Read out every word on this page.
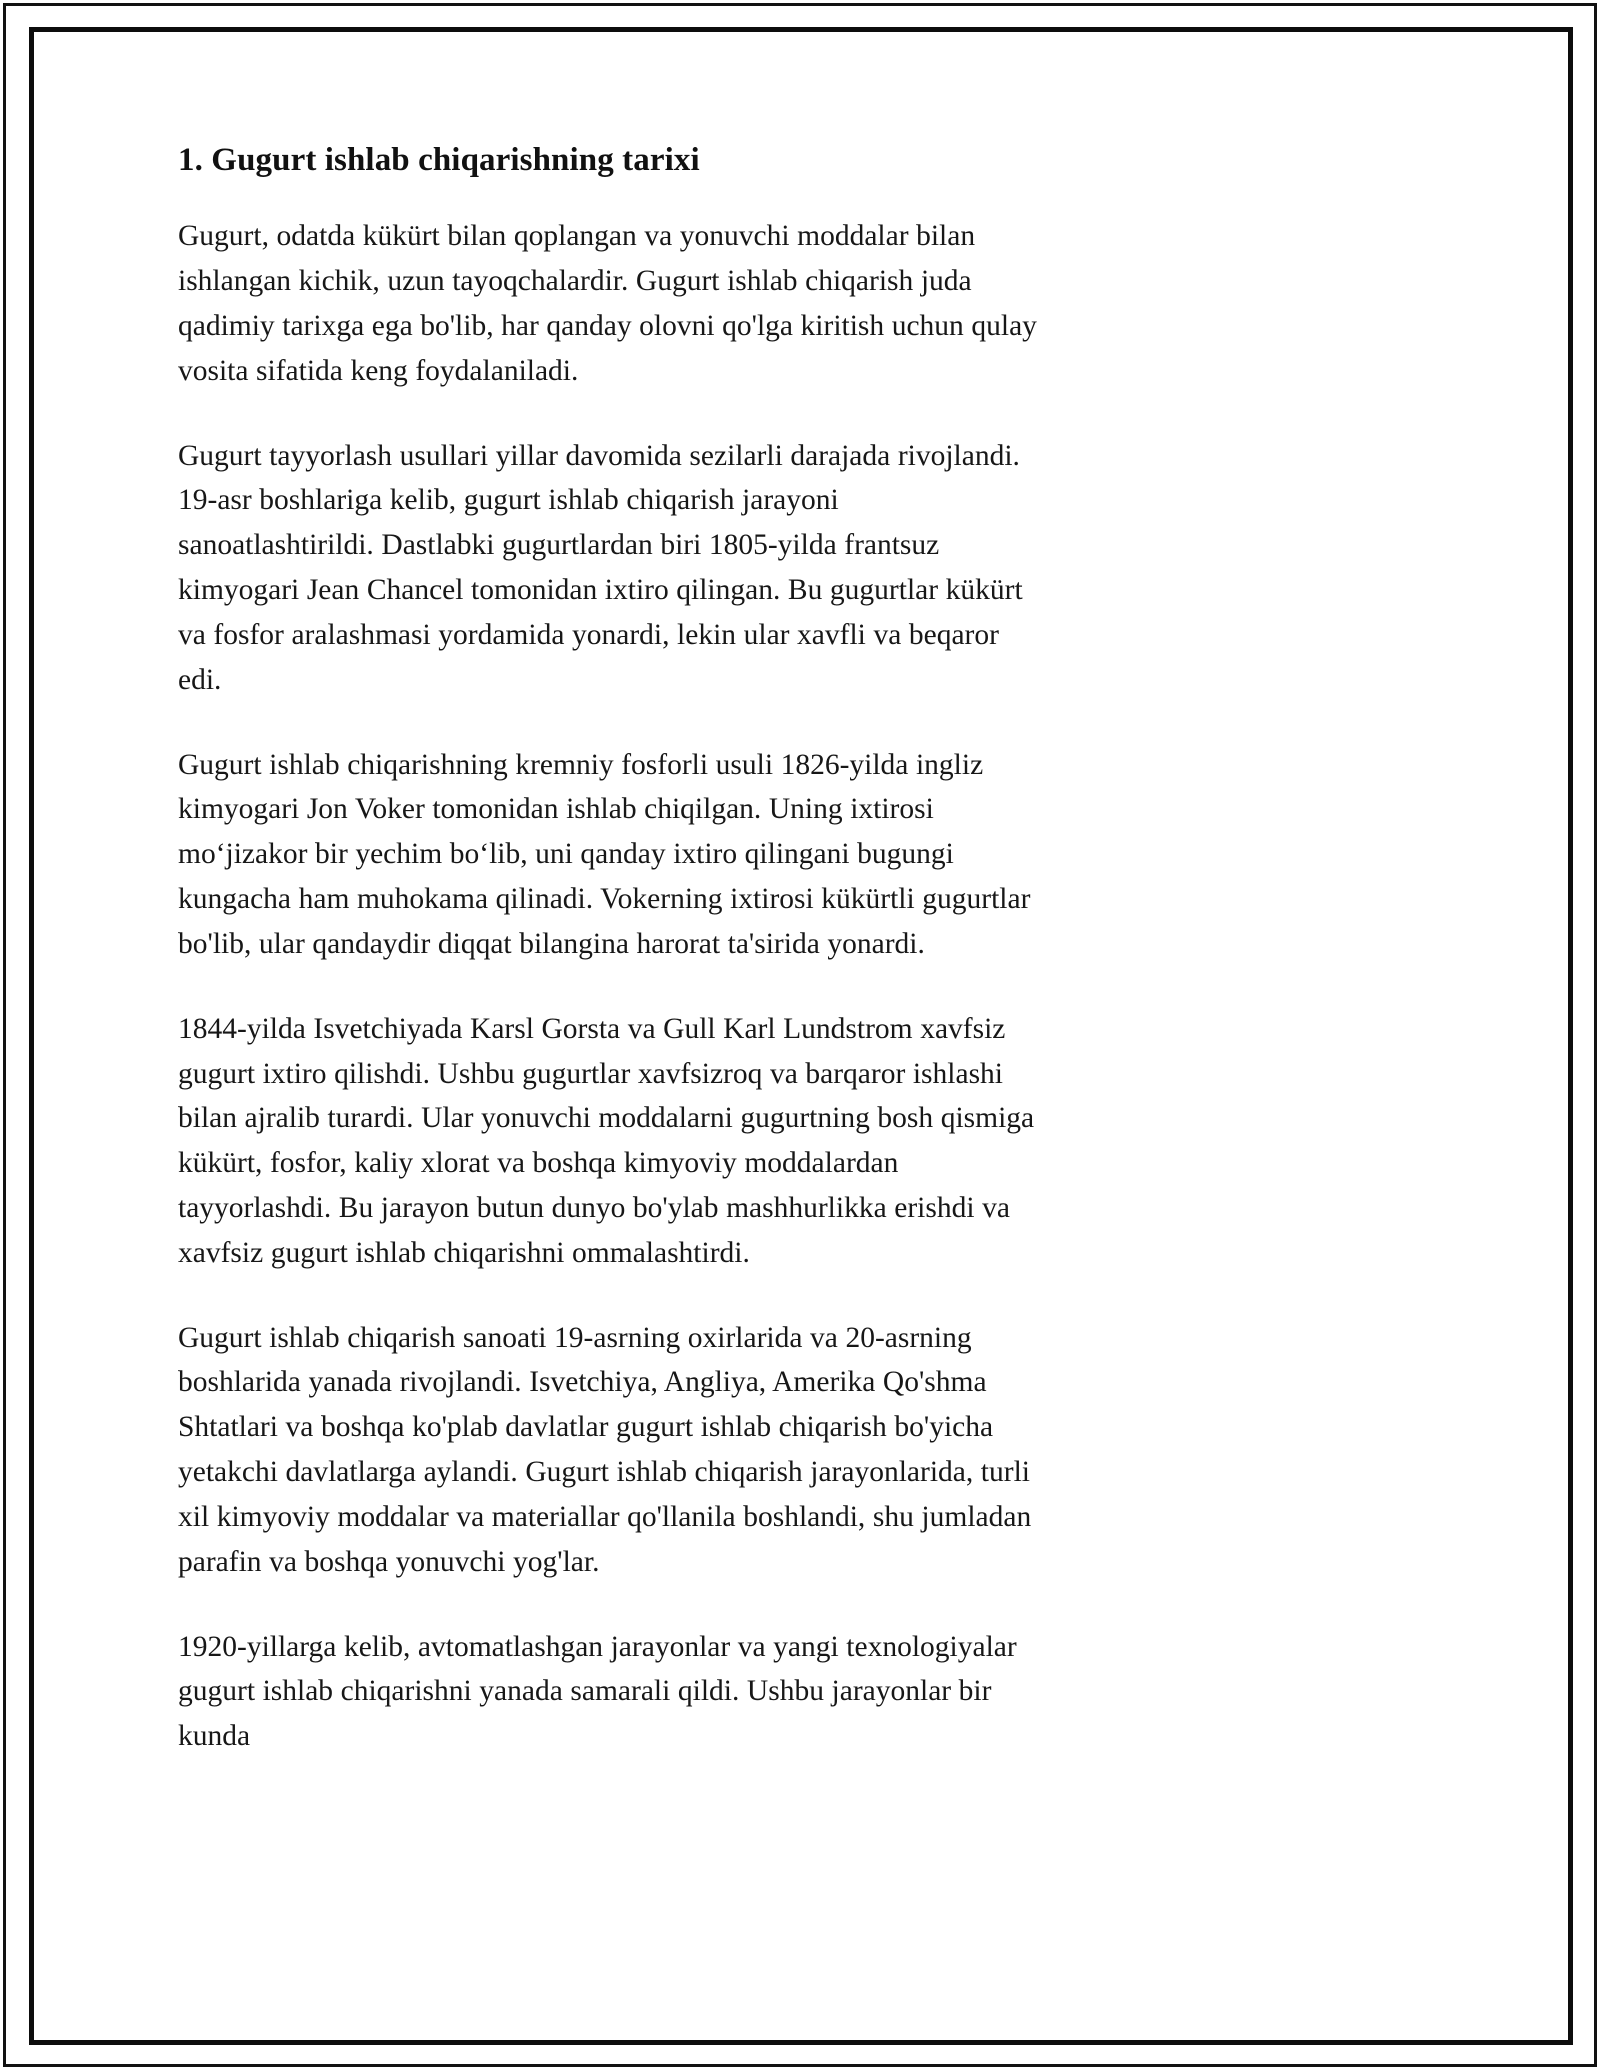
1. Gugurt ishlab chiqarishning tarixi

Gugurt, odatda kükürt bilan qoplangan va yonuvchi moddalar bilan ishlangan kichik, uzun tayoqchalardir. Gugurt ishlab chiqarish juda qadimiy tarixga ega bo'lib, har qanday olovni qo'lga kiritish uchun qulay vosita sifatida keng foydalaniladi.

Gugurt tayyorlash usullari yillar davomida sezilarli darajada rivojlandi. 19-asr boshlariga kelib, gugurt ishlab chiqarish jarayoni sanoatlashtirildi. Dastlabki gugurtlardan biri 1805-yilda frantsuz kimyogari Jean Chancel tomonidan ixtiro qilingan. Bu gugurtlar kükürt va fosfor aralashmasi yordamida yonardi, lekin ular xavfli va beqaror edi.

Gugurt ishlab chiqarishning kremniy fosforli usuli 1826-yilda ingliz kimyogari Jon Voker tomonidan ishlab chiqilgan. Uning ixtirosi moʻjizakor bir yechim boʻlib, uni qanday ixtiro qilingani bugungi kungacha ham muhokama qilinadi. Vokerning ixtirosi kükürtli gugurtlar bo'lib, ular qandaydir diqqat bilangina harorat ta'sirida yonardi.

1844-yilda Isvetchiyada Karsl Gorsta va Gull Karl Lundstrom xavfsiz gugurt ixtiro qilishdi. Ushbu gugurtlar xavfsizroq va barqaror ishlashi bilan ajralib turardi. Ular yonuvchi moddalarni gugurtning bosh qismiga kükürt, fosfor, kaliy xlorat va boshqa kimyoviy moddalardan tayyorlashdi. Bu jarayon butun dunyo bo'ylab mashhurlikka erishdi va xavfsiz gugurt ishlab chiqarishni ommalashtirdi.

Gugurt ishlab chiqarish sanoati 19-asrning oxirlarida va 20-asrning boshlarida yanada rivojlandi. Isvetchiya, Angliya, Amerika Qo'shma Shtatlari va boshqa ko'plab davlatlar gugurt ishlab chiqarish bo'yicha yetakchi davlatlarga aylandi. Gugurt ishlab chiqarish jarayonlarida, turli xil kimyoviy moddalar va materiallar qo'llanila boshlandi, shu jumladan parafin va boshqa yonuvchi yog'lar.

1920-yillarga kelib, avtomatlashgan jarayonlar va yangi texnologiyalar gugurt ishlab chiqarishni yanada samarali qildi. Ushbu jarayonlar bir kunda
